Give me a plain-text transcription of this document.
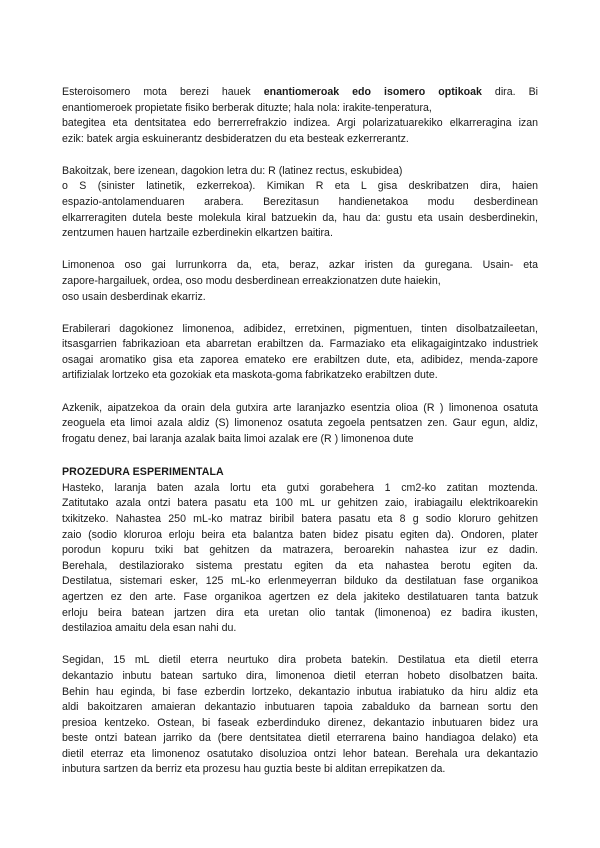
Esteroisomero mota berezi hauek enantiomeroak edo isomero optikoak dira. Bi
enantiomeroek propietate fisiko berberak dituzte; hala nola: irakite-tenperatura,
bategitea eta dentsitatea edo berrerrefrakzio indizea. Argi polarizatuarekiko elkarreragina izan
ezik: batek argia eskuinerantz desbideratzen du eta besteak ezkerrerantz.
Bakoitzak, bere izenean, dagokion letra du: R (latinez rectus, eskubidea)
o S (sinister latinetik, ezkerrekoa). Kimikan R eta L gisa deskribatzen dira, haien
espazio-antolamenduaren arabera. Berezitasun handienetakoa modu desberdinean
elkarreragiten dutela beste molekula kiral batzuekin da, hau da: gustu eta usain desberdinekin,
zentzumen hauen hartzaile ezberdinekin elkartzen baitira.
Limonenoa oso gai lurrunkorra da, eta, beraz, azkar iristen da guregana. Usain- eta
zapore-hargailuek, ordea, oso modu desberdinean erreakzionatzen dute haiekin,
oso usain desberdinak ekarriz.
Erabilerari dagokionez limonenoa, adibidez, erretxinen, pigmentuen, tinten disolbatzaileetan,
itsasgarrien fabrikazioan eta abarretan erabiltzen da. Farmaziako eta elikagaigintzako industriek
osagai aromatiko gisa eta zaporea emateko ere erabiltzen dute, eta, adibidez, menda-zapore
artifizialak lortzeko eta gozokiak eta maskota-goma fabrikatzeko erabiltzen dute.
Azkenik, aipatzekoa da orain dela gutxira arte laranjazko esentzia olioa (R ) limonenoa osatuta
zeoguela eta limoi azala aldiz (S) limonenoz osatuta zegoela pentsatzen zen. Gaur egun, aldiz,
frogatu denez, bai laranja azalak baita limoi azalak ere (R ) limonenoa dute
PROZEDURA ESPERIMENTALA
Hasteko, laranja baten azala lortu eta gutxi gorabehera 1 cm2-ko zatitan moztenda.
Zatitutako azala ontzi batera pasatu eta 100 mL ur gehitzen zaio, irabiagailu elektrikoarekin
txikitzeko. Nahastea 250 mL-ko matraz biribil batera pasatu eta 8 g sodio kloruro gehitzen
zaio (sodio kloruroa erloju beira eta balantza baten bidez pisatu egiten da). Ondoren, plater
porodun kopuru txiki bat gehitzen da matrazera, beroarekin nahastea izur ez dadin.
Berehala, destilaziorako sistema prestatu egiten da eta nahastea berotu egiten da.
Destilatua, sistemari esker, 125 mL-ko erlenmeyerran bilduko da destilatuan fase organikoa
agertzen ez den arte. Fase organikoa agertzen ez dela jakiteko destilatuaren tanta batzuk
erloju beira batean jartzen dira eta uretan olio tantak (limonenoa) ez badira ikusten,
destilazioa amaitu dela esan nahi du.
Segidan, 15 mL dietil eterra neurtuko dira probeta batekin. Destilatua eta dietil eterra
dekantazio inbutu batean sartuko dira, limonenoa dietil eterran hobeto disolbatzen baita.
Behin hau eginda, bi fase ezberdin lortzeko, dekantazio inbutua irabiatuko da hiru aldiz eta
aldi bakoitzaren amaieran dekantazio inbutuaren tapoia zabalduko da barnean sortu den
presioa kentzeko. Ostean, bi faseak ezberdinduko direnez, dekantazio inbutuaren bidez ura
beste ontzi batean jarriko da (bere dentsitatea dietil eterrarena baino handiagoa delako) eta
dietil eterraz eta limonenoz osatutako disoluzioa ontzi lehor batean. Berehala ura dekantazio
inbutura sartzen da berriz eta prozesu hau guztia beste bi alditan errepikatzen da.
